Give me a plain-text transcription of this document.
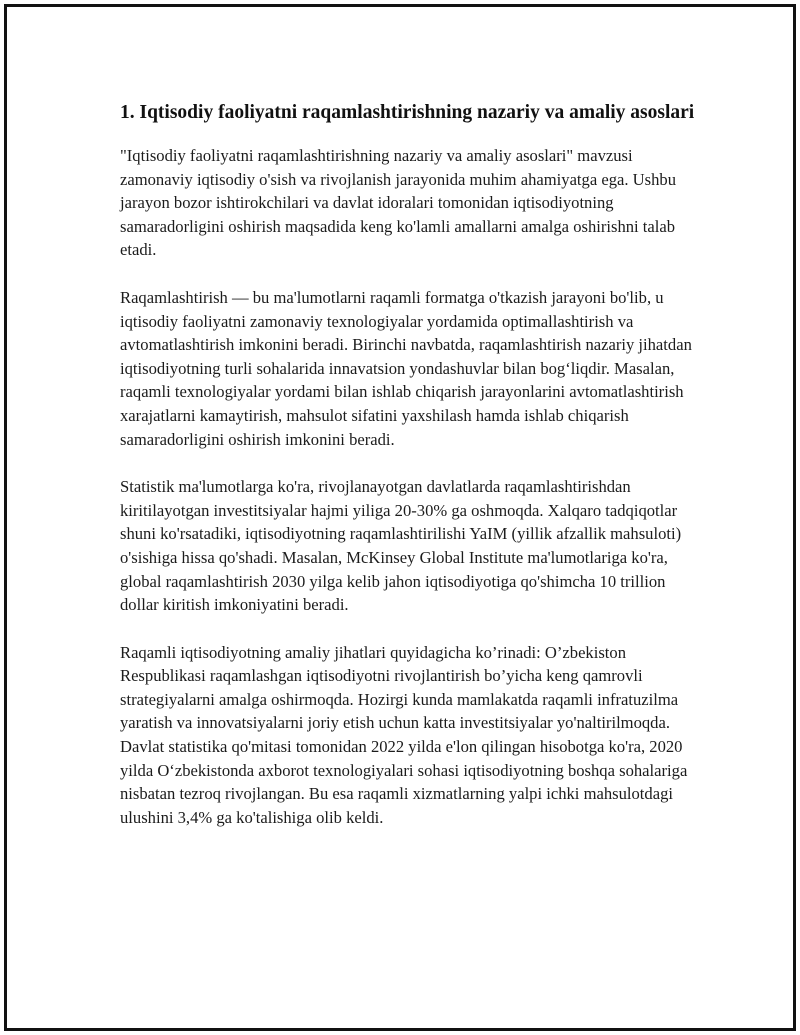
1. Iqtisodiy faoliyatni raqamlashtirishning nazariy va amaliy asoslari

"Iqtisodiy faoliyatni raqamlashtirishning nazariy va amaliy asoslari" mavzusi zamonaviy iqtisodiy o'sish va rivojlanish jarayonida muhim ahamiyatga ega. Ushbu jarayon bozor ishtirokchilari va davlat idoralari tomonidan iqtisodiyotning samaradorligini oshirish maqsadida keng ko'lamli amallarni amalga oshirishni talab etadi.

Raqamlashtirish — bu ma'lumotlarni raqamli formatga o'tkazish jarayoni bo'lib, u iqtisodiy faoliyatni zamonaviy texnologiyalar yordamida optimallashtirish va avtomatlashtirish imkonini beradi. Birinchi navbatda, raqamlashtirish nazariy jihatdan iqtisodiyotning turli sohalarida innavatsion yondashuvlar bilan bog‘liqdir. Masalan, raqamli texnologiyalar yordami bilan ishlab chiqarish jarayonlarini avtomatlashtirish xarajatlarni kamaytirish, mahsulot sifatini yaxshilash hamda ishlab chiqarish samaradorligini oshirish imkonini beradi.

Statistik ma'lumotlarga ko'ra, rivojlanayotgan davlatlarda raqamlashtirishdan kiritilayotgan investitsiyalar hajmi yiliga 20-30% ga oshmoqda. Xalqaro tadqiqotlar shuni ko'rsatadiki, iqtisodiyotning raqamlashtirilishi YaIM (yillik afzallik mahsuloti) o'sishiga hissa qo'shadi. Masalan, McKinsey Global Institute ma'lumotlariga ko'ra, global raqamlashtirish 2030 yilga kelib jahon iqtisodiyotiga qo'shimcha 10 trillion dollar kiritish imkoniyatini beradi.

Raqamli iqtisodiyotning amaliy jihatlari quyidagicha ko’rinadi: O’zbekiston Respublikasi raqamlashgan iqtisodiyotni rivojlantirish bo’yicha keng qamrovli strategiyalarni amalga oshirmoqda. Hozirgi kunda mamlakatda raqamli infratuzilma yaratish va innovatsiyalarni joriy etish uchun katta investitsiyalar yo'naltirilmoqda. Davlat statistika qo'mitasi tomonidan 2022 yilda e'lon qilingan hisobotga ko'ra, 2020 yilda O‘zbekistonda axborot texnologiyalari sohasi iqtisodiyotning boshqa sohalariga nisbatan tezroq rivojlangan. Bu esa raqamli xizmatlarning yalpi ichki mahsulotdagi ulushini 3,4% ga ko'talishiga olib keldi.
